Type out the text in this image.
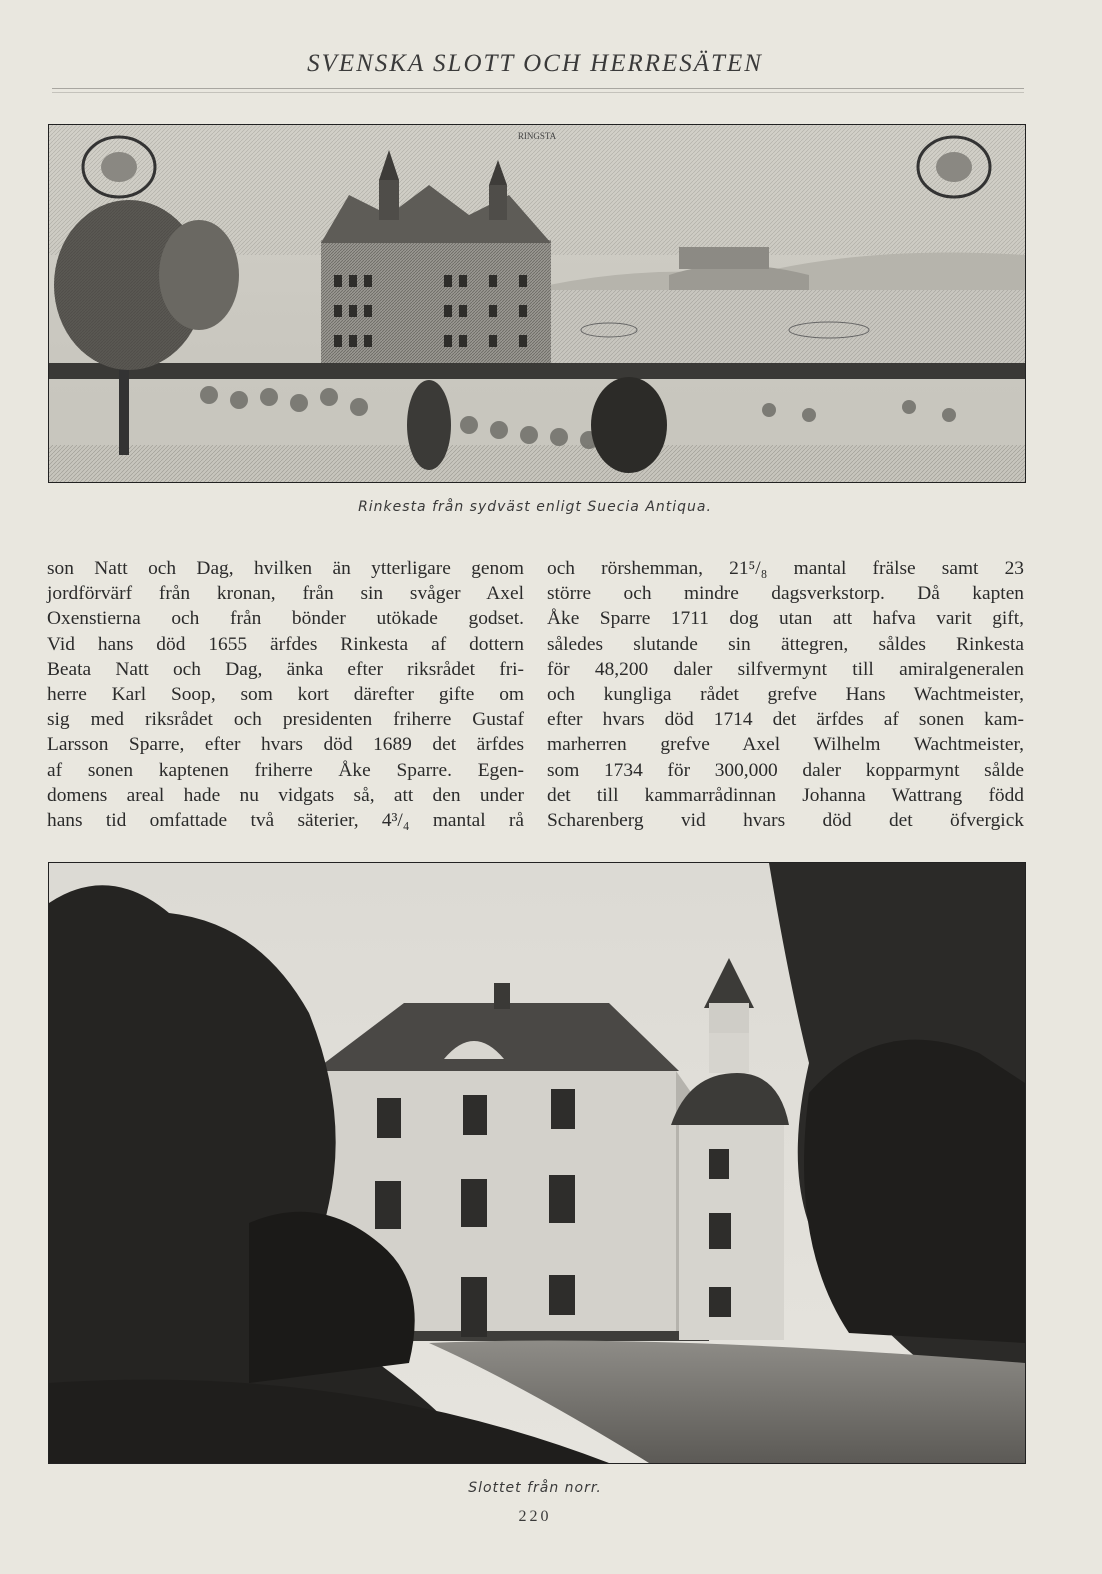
SVENSKA SLOTT OCH HERRESÄTEN
RINGSTA
Rinkesta från sydväst enligt Suecia Antiqua.
son Natt och Dag, hvilken än ytterligare genom
jordförvärf från kronan, från sin svåger Axel
Oxenstierna och från bönder utökade godset.
Vid hans död 1655 ärfdes Rinkesta af dottern
Beata Natt och Dag, änka efter riksrådet fri-
herre Karl Soop, som kort därefter gifte om
sig med riksrådet och presidenten friherre Gustaf
Larsson Sparre, efter hvars död 1689 det ärfdes
af sonen kaptenen friherre Åke Sparre. Egen-
domens areal hade nu vidgats så, att den under
hans tid omfattade två säterier, 4³/₄ mantal rå
och rörshemman, 21⁵/₈ mantal frälse samt 23
större och mindre dagsverkstorp. Då kapten
Åke Sparre 1711 dog utan att hafva varit gift,
således slutande sin ättegren, såldes Rinkesta
för 48,200 daler silfvermynt till amiralgeneralen
och kungliga rådet grefve Hans Wachtmeister,
efter hvars död 1714 det ärfdes af sonen kam-
marherren grefve Axel Wilhelm Wachtmeister,
som 1734 för 300,000 daler kopparmynt sålde
det till kammarrådinnan Johanna Wattrang född
Scharenberg vid hvars död det öfvergick
Slottet från norr.
220
